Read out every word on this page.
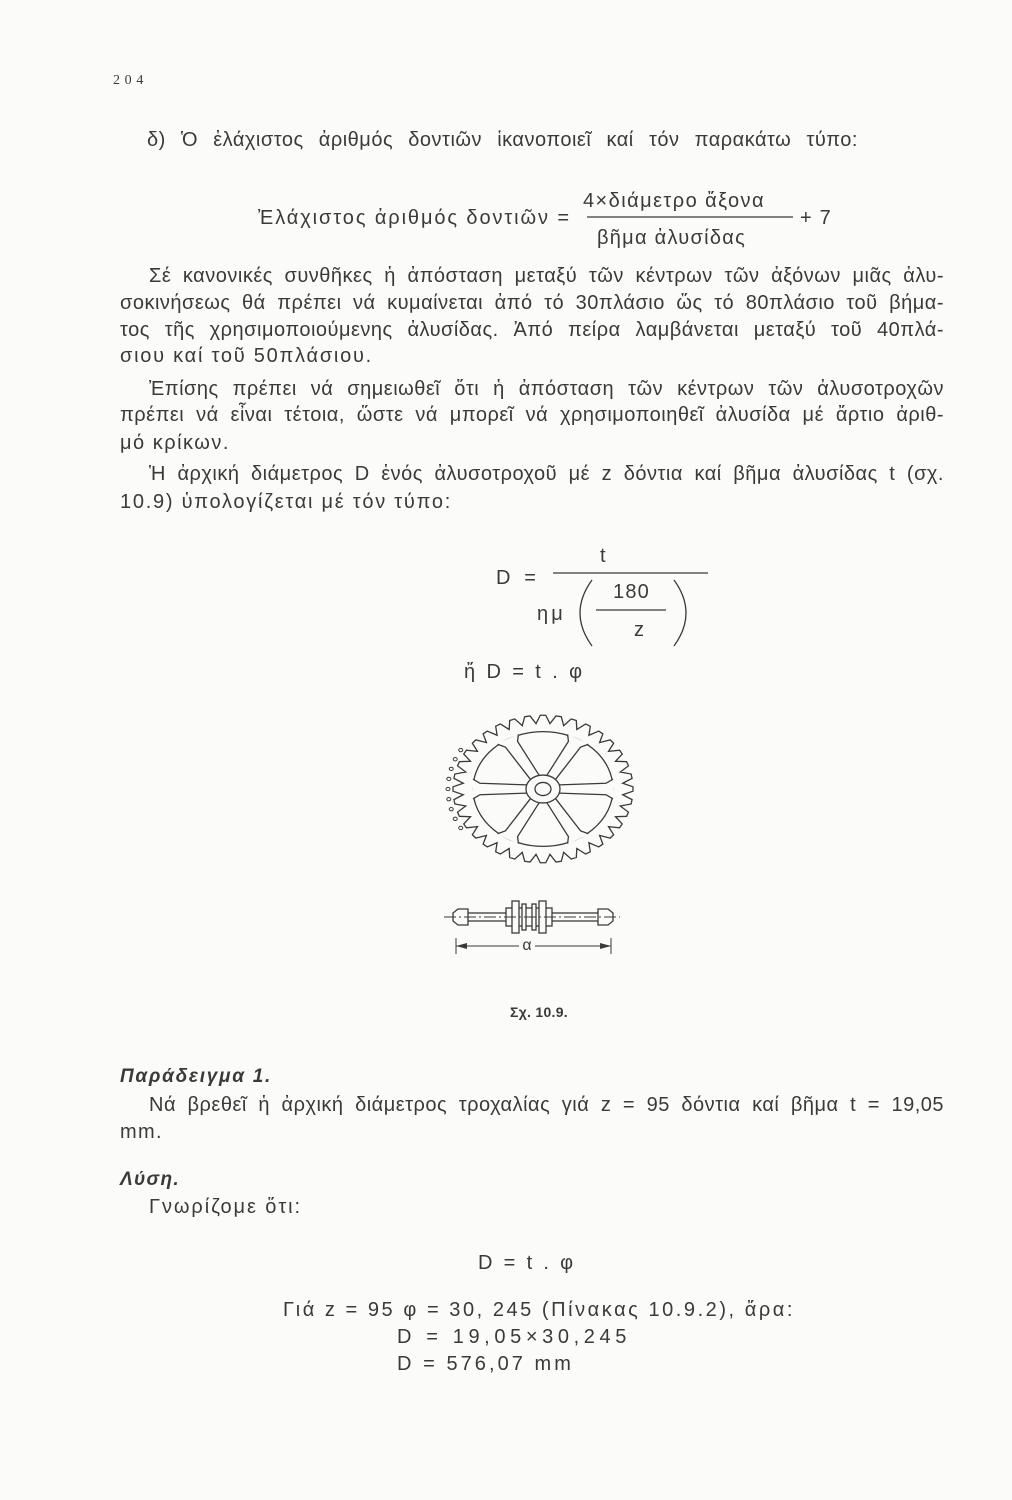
204
δ) Ὁ ἐλάχιστος ἀριθμός δοντιῶν ἱκανοποιεῖ καί τόν παρακάτω τύπο:
Ἐλάχιστος ἀριθμός δοντιῶν =
4×διάμετρο ἄξονα
βῆμα ἀλυσίδας
+ 7
Σέ κανονικές συνθῆκες ἡ ἀπόσταση μεταξύ τῶν κέντρων τῶν ἀξόνων μιᾶς ἀλυ-
σοκινήσεως θά πρέπει νά κυμαίνεται ἀπό τό 30πλάσιο ὥς τό 80πλάσιο τοῦ βήμα-
τος τῆς χρησιμοποιούμενης ἀλυσίδας. Ἀπό πείρα λαμβάνεται μεταξύ τοῦ 40πλά-
σιου καί τοῦ 50πλάσιου.
Ἐπίσης πρέπει νά σημειωθεῖ ὅτι ἡ ἀπόσταση τῶν κέντρων τῶν ἀλυσοτροχῶν
πρέπει νά εἶναι τέτοια, ὥστε νά μπορεῖ νά χρησιμοποιηθεῖ ἀλυσίδα μέ ἄρτιο ἀριθ-
μό κρίκων.
Ἡ ἀρχική διάμετρος D ἑνός ἀλυσοτροχοῦ μέ z δόντια καί βῆμα ἀλυσίδας t (σχ.
10.9) ὑπολογίζεται μέ τόν τύπο:
t
D =
ημ
180
z
ἤ D = t . φ
α
Σχ. 10.9.
Παράδειγμα 1.
Νά βρεθεῖ ἡ ἀρχική διάμετρος τροχαλίας γιά z = 95 δόντια καί βῆμα t = 19,05
mm.
Λύση.
Γνωρίζομε ὅτι:
D = t . φ
Γιά z = 95 φ = 30, 245 (Πίνακας 10.9.2), ἄρα:
D = 19,05×30,245
D = 576,07 mm
